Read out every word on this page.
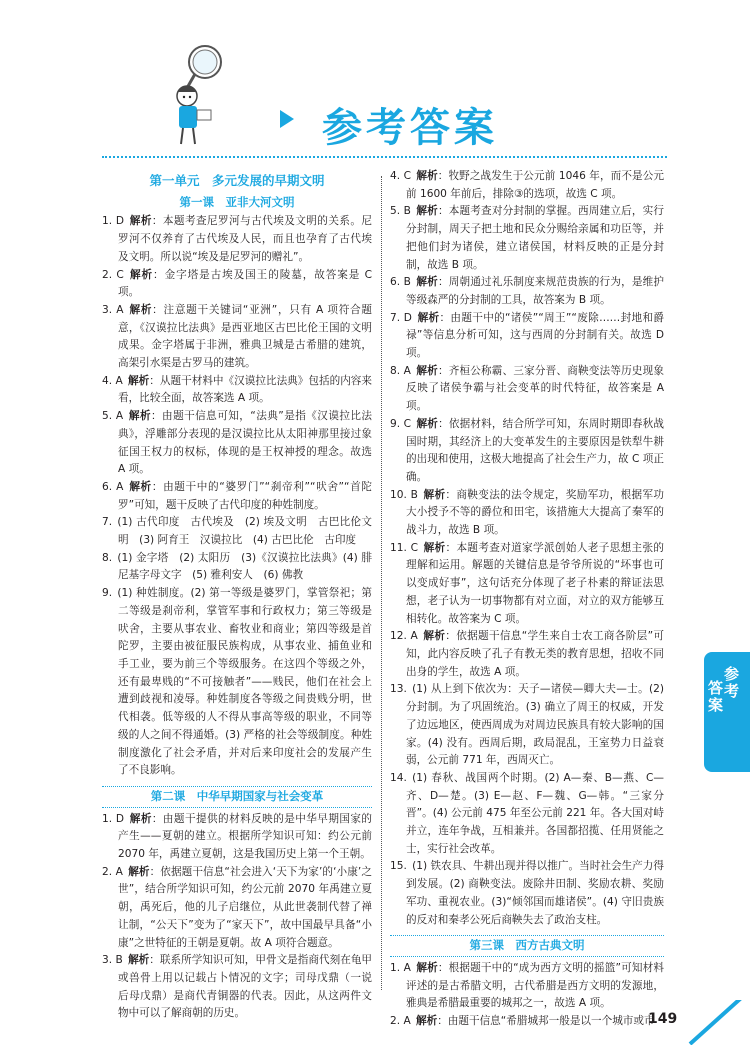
参考答案
第一单元　多元发展的早期文明
第一课　亚非大河文明
1. D  解析：本题考查尼罗河与古代埃及文明的关系。尼罗河不仅养育了古代埃及人民，而且也孕育了古代埃及文明。所以说“埃及是尼罗河的赠礼”。
2. C  解析：金字塔是古埃及国王的陵墓，故答案是 C 项。
3. A  解析：注意题干关键词“亚洲”，只有 A 项符合题意，《汉谟拉比法典》是西亚地区古巴比伦王国的文明成果。金字塔属于非洲，雅典卫城是古希腊的建筑，高架引水渠是古罗马的建筑。
4. A  解析：从题干材料中《汉谟拉比法典》包括的内容来看，比较全面，故答案选 A 项。
5. A  解析：由题干信息可知，“法典”是指《汉谟拉比法典》，浮雕部分表现的是汉谟拉比从太阳神那里接过象征国王权力的权标，体现的是王权神授的理念。故选 A 项。
6. A  解析：由题干中的“婆罗门”“刹帝利”“吠舍”“首陀罗”可知，题干反映了古代印度的种姓制度。
7.  (1) 古代印度　古代埃及　(2) 埃及文明　古巴比伦文明　(3) 阿育王　汉谟拉比　(4) 古巴比伦　古印度
8.  (1) 金字塔　(2) 太阳历　(3)《汉谟拉比法典》(4) 腓尼基字母文字　(5) 雅利安人　(6) 佛教
9.  (1) 种姓制度。(2) 第一等级是婆罗门，掌管祭祀；第二等级是刹帝利，掌管军事和行政权力；第三等级是吠舍，主要从事农业、畜牧业和商业；第四等级是首陀罗，主要由被征服民族构成，从事农业、捕鱼业和手工业，要为前三个等级服务。在这四个等级之外，还有最卑贱的“不可接触者”——贱民，他们在社会上遭到歧视和凌辱。种姓制度各等级之间贵贱分明，世代相袭。低等级的人不得从事高等级的职业，不同等级的人之间不得通婚。(3) 严格的社会等级制度。种姓制度激化了社会矛盾，并对后来印度社会的发展产生了不良影响。
第二课　中华早期国家与社会变革
1. D  解析：由题干提供的材料反映的是中华早期国家的产生——夏朝的建立。根据所学知识可知：约公元前 2070 年，禹建立夏朝，这是我国历史上第一个王朝。
2. A  解析：依据题干信息“社会进入‘天下为家’的‘小康’之世”，结合所学知识可知，约公元前 2070 年禹建立夏朝，禹死后，他的儿子启继位，从此世袭制代替了禅让制，“公天下”变为了“家天下”，故中国最早具备“小康”之世特征的王朝是夏朝。故 A 项符合题意。
3. B  解析：联系所学知识可知，甲骨文是指商代刻在龟甲或兽骨上用以记载占卜情况的文字；司母戊鼎（一说后母戊鼎）是商代青铜器的代表。因此，从这两件文物中可以了解商朝的历史。
4. C  解析：牧野之战发生于公元前 1046 年，而不是公元前 1600 年前后，排除③的选项，故选 C 项。
5. B  解析：本题考查对分封制的掌握。西周建立后，实行分封制，周天子把土地和民众分赐给亲属和功臣等，并把他们封为诸侯，建立诸侯国，材料反映的正是分封制，故选 B 项。
6. B  解析：周朝通过礼乐制度来规范贵族的行为，是维护等级森严的分封制的工具，故答案为 B 项。
7. D  解析：由题干中的“诸侯”“周王”“废除……封地和爵禄”等信息分析可知，这与西周的分封制有关。故选 D 项。
8. A  解析：齐桓公称霸、三家分晋、商鞅变法等历史现象反映了诸侯争霸与社会变革的时代特征，故答案是 A 项。
9. C  解析：依据材料，结合所学可知，东周时期即春秋战国时期，其经济上的大变革发生的主要原因是铁犁牛耕的出现和使用，这极大地提高了社会生产力，故 C 项正确。
10. B  解析：商鞅变法的法令规定，奖励军功，根据军功大小授予不等的爵位和田宅，该措施大大提高了秦军的战斗力，故选 B 项。
11. C  解析：本题考查对道家学派创始人老子思想主张的理解和运用。解题的关键信息是爷爷所说的“坏事也可以变成好事”，这句话充分体现了老子朴素的辩证法思想，老子认为一切事物都有对立面，对立的双方能够互相转化。故答案为 C 项。
12. A  解析：依据题干信息“学生来自士农工商各阶层”可知，此内容反映了孔子有教无类的教育思想，招收不同出身的学生，故选 A 项。
13.  (1) 从上到下依次为：天子—诸侯—卿大夫—士。(2) 分封制。为了巩固统治。(3) 确立了周王的权威，开发了边远地区，使西周成为对周边民族具有较大影响的国家。(4) 没有。西周后期，政局混乱，王室势力日益衰弱，公元前 771 年，西周灭亡。
14.  (1) 春秋、战国两个时期。(2) A—秦、B—燕、C—齐、D—楚。(3) E—赵、F—魏、G—韩。“三家分晋”。(4) 公元前 475 年至公元前 221 年。各大国对峙并立，连年争战，互相兼并。各国都招揽、任用贤能之士，实行社会改革。
15.  (1) 铁农具、牛耕出现并得以推广。当时社会生产力得到发展。(2) 商鞅变法。废除井田制、奖励农耕、奖励军功、重视农业。(3)“倾邻国而雄诸侯”。(4) 守旧贵族的反对和秦孝公死后商鞅失去了政治支柱。
第三课　西方古典文明
1. A  解析：根据题干中的“成为西方文明的摇篮”可知材料评述的是古希腊文明，古代希腊是西方文明的发源地，雅典是希腊最重要的城邦之一，故选 A 项。
2. A  解析：由题干信息“希腊城邦一般是以一个城市或市
参考
答案
149
